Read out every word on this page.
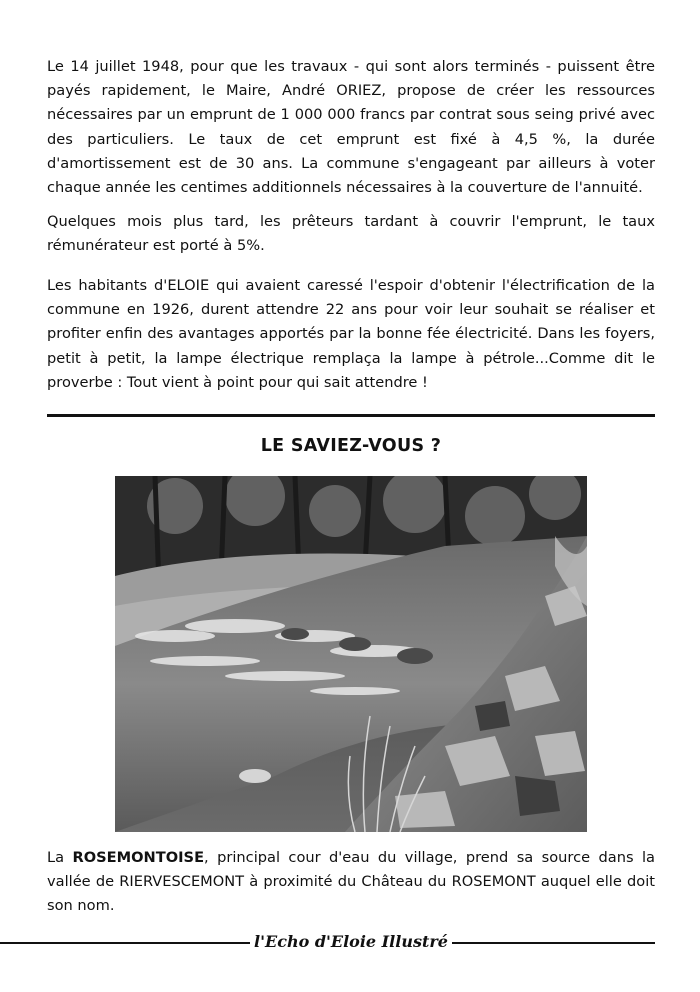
Le 14 juillet 1948, pour que les travaux - qui sont alors terminés - puissent être payés rapidement, le Maire, André ORIEZ, propose de créer les ressources nécessaires par un emprunt de 1 000 000 francs par contrat sous seing privé avec des particuliers. Le taux de cet emprunt est fixé à 4,5 %, la durée d'amortissement est de 30 ans. La commune s'engageant par ailleurs à voter chaque année les centimes additionnels nécessaires à la couverture de l'annuité.

Quelques mois plus tard, les prêteurs tardant à couvrir l'emprunt, le taux rémunérateur est porté à 5%.

Les habitants d'ELOIE qui avaient caressé l'espoir d'obtenir l'électrification de la commune en 1926, durent attendre 22 ans pour voir leur souhait se réaliser et profiter enfin des avantages apportés par la bonne fée électricité. Dans les foyers, petit à petit, la lampe électrique remplaça la lampe à pétrole...Comme dit le proverbe : Tout vient à point pour qui sait attendre !

LE SAVIEZ-VOUS ?

La ROSEMONTOISE, principal cour d'eau du village, prend sa source dans la vallée de RIERVESCEMONT à proximité du Château du ROSEMONT auquel elle doit son nom.

l'Echo d'Eloie Illustré
